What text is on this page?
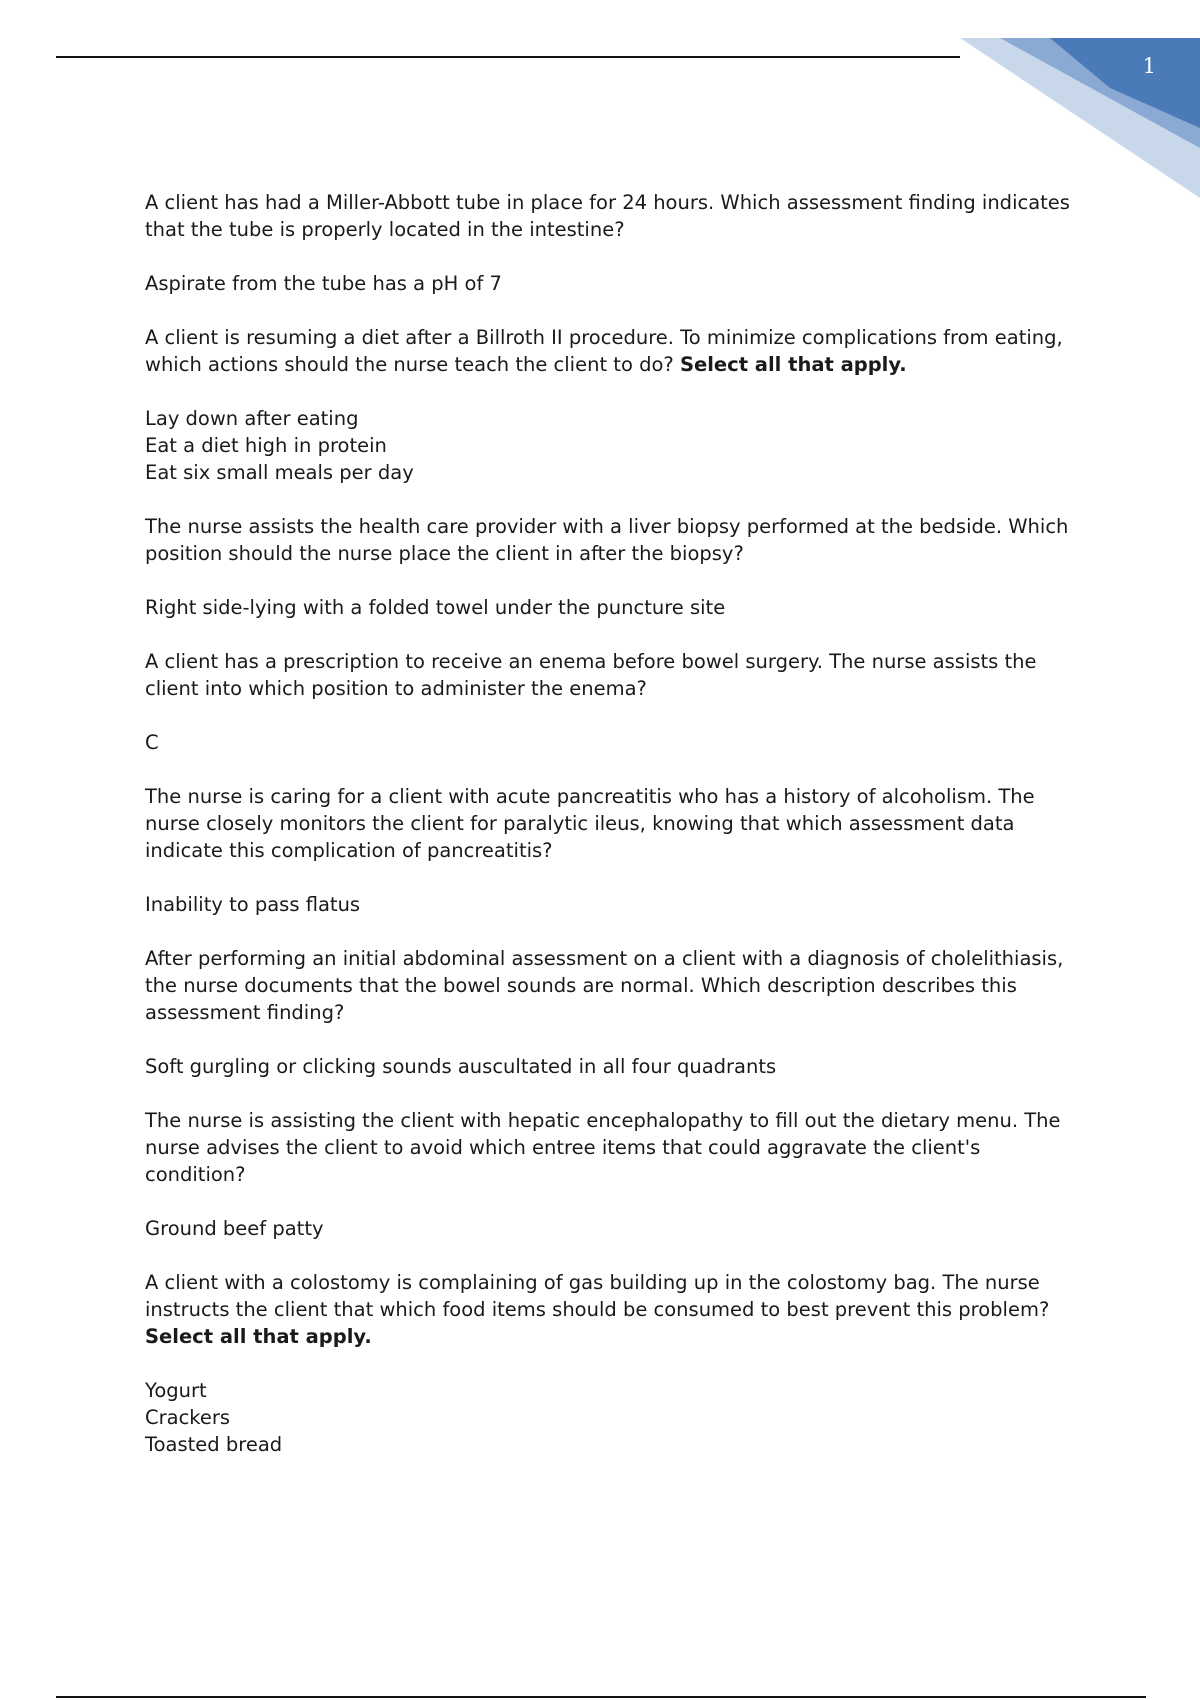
1

A client has had a Miller-Abbott tube in place for 24 hours. Which assessment finding indicates that the tube is properly located in the intestine?

Aspirate from the tube has a pH of 7

A client is resuming a diet after a Billroth II procedure. To minimize complications from eating, which actions should the nurse teach the client to do? Select all that apply.

Lay down after eating
Eat a diet high in protein
Eat six small meals per day

The nurse assists the health care provider with a liver biopsy performed at the bedside. Which position should the nurse place the client in after the biopsy?

Right side-lying with a folded towel under the puncture site

A client has a prescription to receive an enema before bowel surgery. The nurse assists the client into which position to administer the enema?

C

The nurse is caring for a client with acute pancreatitis who has a history of alcoholism. The nurse closely monitors the client for paralytic ileus, knowing that which assessment data indicate this complication of pancreatitis?

Inability to pass flatus

After performing an initial abdominal assessment on a client with a diagnosis of cholelithiasis, the nurse documents that the bowel sounds are normal. Which description describes this assessment finding?

Soft gurgling or clicking sounds auscultated in all four quadrants

The nurse is assisting the client with hepatic encephalopathy to fill out the dietary menu. The nurse advises the client to avoid which entree items that could aggravate the client's condition?

Ground beef patty

A client with a colostomy is complaining of gas building up in the colostomy bag. The nurse instructs the client that which food items should be consumed to best prevent this problem? Select all that apply.

Yogurt
Crackers
Toasted bread
